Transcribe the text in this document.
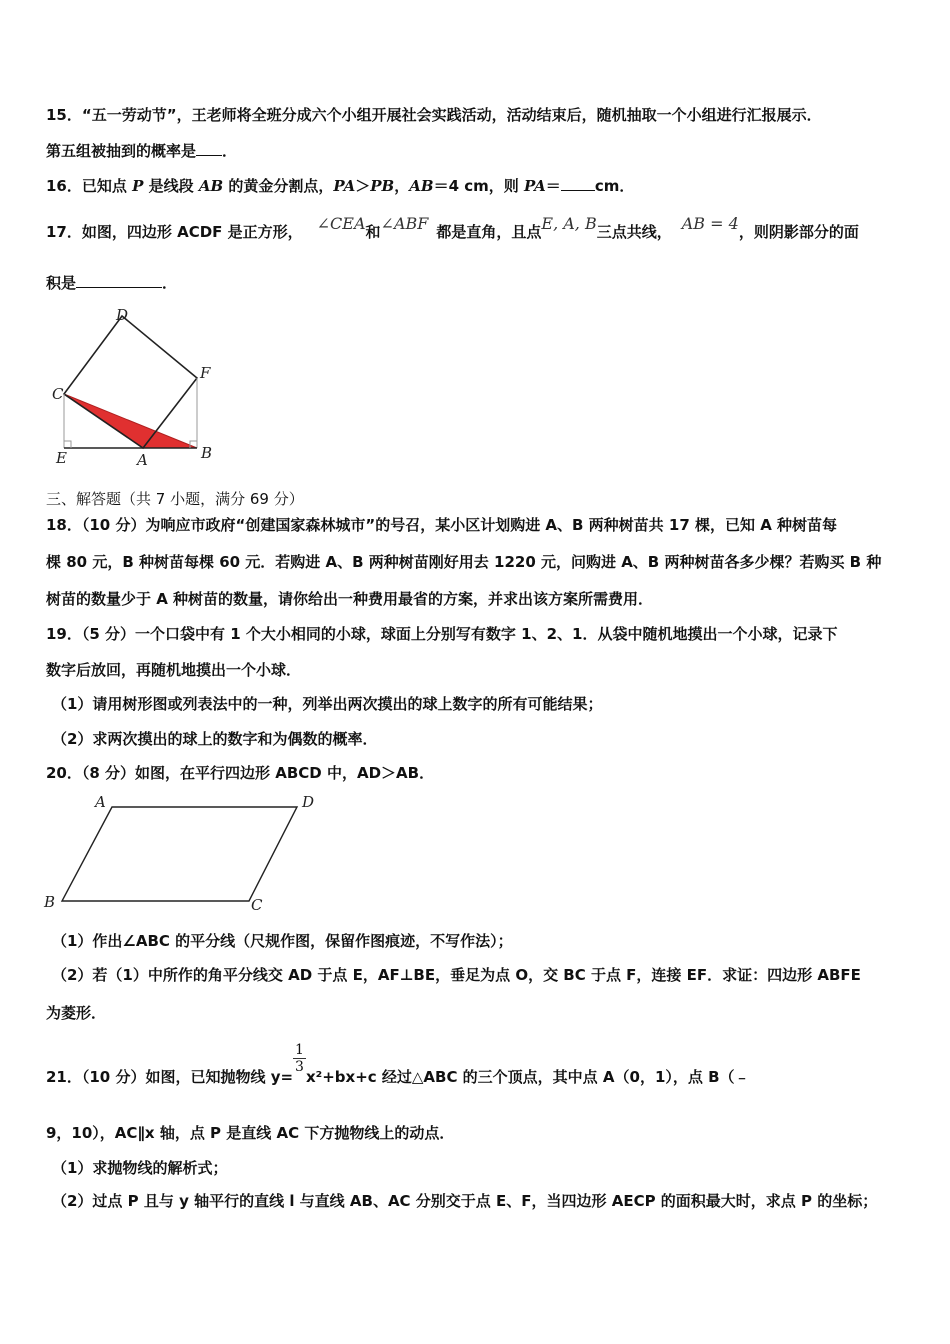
15．“五一劳动节”，王老师将全班分成六个小组开展社会实践活动，活动结束后，随机抽取一个小组进行汇报展示．
第五组被抽到的概率是 ．
16．已知点 P 是线段 AB 的黄金分割点，PA＞PB，AB＝4 cm，则 PA＝ cm．
17．如图，四边形 ACDF 是正方形， ∠CEA和∠ABF 都是直角，且点E, A, B三点共线， AB = 4，则阴影部分的面
积是	．
D
F
C
E	A	B
三、解答题（共 7 小题，满分 69 分）
18．（10 分）为响应市政府“创建国家森林城市”的号召，某小区计划购进 A、B 两种树苗共 17 棵，已知 A 种树苗每
棵 80 元，B 种树苗每棵 60 元．若购进 A、B 两种树苗刚好用去 1220 元，问购进 A、B 两种树苗各多少棵？若购买 B 种
树苗的数量少于 A 种树苗的数量，请你给出一种费用最省的方案，并求出该方案所需费用．
19．（5 分）一个口袋中有 1 个大小相同的小球，球面上分别写有数字 1、2、1．从袋中随机地摸出一个小球，记录下
数字后放回，再随机地摸出一个小球．
（1）请用树形图或列表法中的一种，列举出两次摸出的球上数字的所有可能结果；
（2）求两次摸出的球上的数字和为偶数的概率．
20．（8 分）如图，在平行四边形 ABCD 中，AD＞AB．
A	D
B	C
（1）作出∠ABC 的平分线（尺规作图，保留作图痕迹，不写作法）；
（2）若（1）中所作的角平分线交 AD 于点 E，AF⊥BE，垂足为点 O，交 BC 于点 F，连接 EF．求证：四边形 ABFE
为菱形．
21．（10 分）如图，已知抛物线 y=
$\frac{1}{3}$
x²+bx+c 经过△ABC 的三个顶点，其中点 A（0，1），点 B（﹣
9，10），AC∥x 轴，点 P 是直线 AC 下方抛物线上的动点．
（1）求抛物线的解析式；
（2）过点 P 且与 y 轴平行的直线 l 与直线 AB、AC 分别交于点 E、F，当四边形 AECP 的面积最大时，求点 P 的坐标；
